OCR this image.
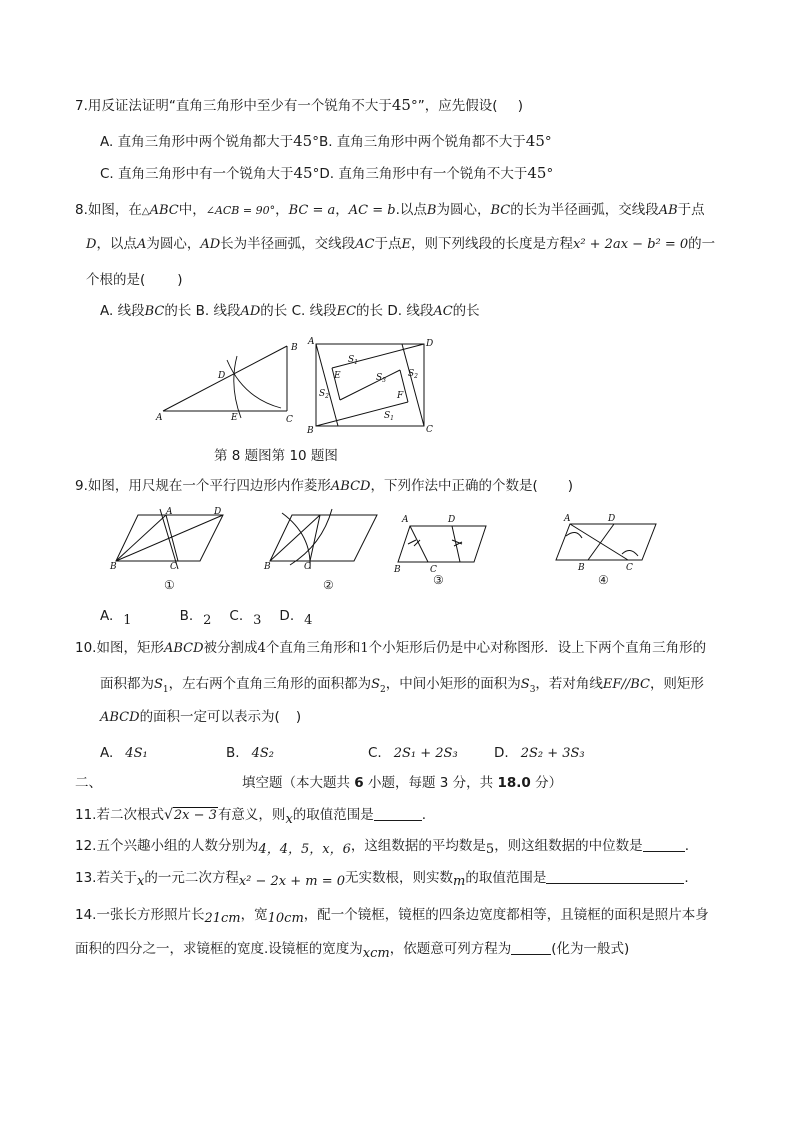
7.用反证法证明“直角三角形中至少有一个锐角不大于45°”，应先假设( )
A. 直角三角形中两个锐角都大于45°B. 直角三角形中两个锐角都不大于45°
C. 直角三角形中有一个锐角大于45°D. 直角三角形中有一个锐角不大于45°
8.如图，在△ABC中，∠ACB = 90°，BC = a，AC = b.以点B为圆心，BC的长为半径画弧，交线段AB于点
D，以点A为圆心，AD长为半径画弧，交线段AC于点E，则下列线段的长度是方程x² + 2ax − b² = 0的一
个根的是( )
A. 线段BC的长 B. 线段AD的长 C. 线段EC的长 D. 线段AC的长
A
B
C
D
E
A	D
B	C
E
F
$S_1$
$S_3$
$S_2$
$S_2$
$S_1$
第 8 题图第 10 题图
9.如图，用尺规在一个平行四边形内作菱形ABCD，下列作法中正确的个数是( )
B
A	D
C	B	C
A	D
B	C
A	D
B	C
①	②	③	④
A. 1	B. 2 C. 3 D. 4
10.如图，矩形ABCD被分割成4个直角三角形和1个小矩形后仍是中心对称图形．设上下两个直角三角形的
面积都为$S_1$，左右两个直角三角形的面积都为$S_2$，中间小矩形的面积为$S_3$，若对角线EF//BC，则矩形
ABCD的面积一定可以表示为( )
A. 4S₁	B. 4S₂	C. 2S₁ + 2S₃	D. 2S₂ + 3S₃
二、	填空题（本大题共 6 小题，每题 3 分，共 18.0 分）
11.若二次根式√2x − 3有意义，则x的取值范围是	.
12.五个兴趣小组的人数分别为4，4，5，x，6，这组数据的平均数是5，则这组数据的中位数是	.
13.若关于x的一元二次方程x² − 2x + m = 0无实数根，则实数m的取值范围是	.
14.一张长方形照片长21cm，宽10cm，配一个镜框，镜框的四条边宽度都相等，且镜框的面积是照片本身
面积的四分之一，求镜框的宽度.设镜框的宽度为xcm，依题意可列方程为	(化为一般式)
